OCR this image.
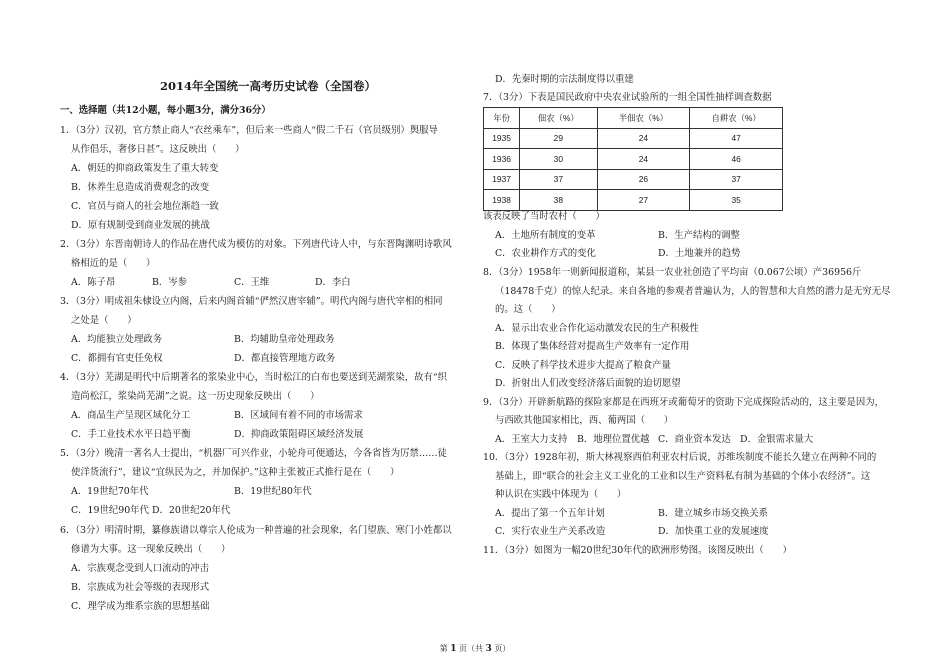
2014年全国统一高考历史试卷（全国卷）
一、选择题（共12小题，每小题3分，满分36分）
1．（3分）汉初，官方禁止商人“衣丝乘车”，但后来一些商人“假二千石（官员级别）舆服导
从作倡乐，奢侈日甚”。这反映出（　　）
A．朝廷的抑商政策发生了重大转变
B．休养生息造成消费观念的改变
C．官员与商人的社会地位渐趋一致
D．原有规制受到商业发展的挑战
2．（3分）东晋南朝诗人的作品在唐代成为模仿的对象。下列唐代诗人中，与东晋陶渊明诗歌风
格相近的是（　　）
A．陈子昂	B．岑参	C．王维	D．李白
3．（3分）明成祖朱棣设立内阁，后来内阁首辅“俨然汉唐宰辅”。明代内阁与唐代宰相的相同
之处是（　　）
A．均能独立处理政务	B．均辅助皇帝处理政务
C．都拥有官吏任免权	D．都直接管理地方政务
4．（3分）芜湖是明代中后期著名的浆染业中心，当时松江的白布也要送到芜湖浆染，故有“织
造尚松江，浆染尚芜湖”之说。这一历史现象反映出（　　）
A．商品生产呈现区域化分工	B．区域间有着不同的市场需求
C．手工业技术水平日趋平衡	D．抑商政策阻碍区域经济发展
5．（3分）晚清一著名人士提出，“机器厂可兴作业，小轮舟可便通达，今各省皆为厉禁……徒
使洋货流行”，建议“宜纵民为之，并加保护。”这种主张被正式推行是在（　　）
A．19世纪70年代	B．19世纪80年代
C．19世纪90年代 D．20世纪20年代
6．（3分）明清时期，纂修族谱以尊宗人伦成为一种普遍的社会现象，名门望族、寒门小姓都以
修谱为大事。这一现象反映出（　　）
A．宗族观念受到人口流动的冲击
B．宗族成为社会等级的表现形式
C．理学成为维系宗族的思想基础
D．先秦时期的宗法制度得以重建
7．（3分）下表是国民政府中央农业试验所的一组全国性抽样调查数据
年份	佃农（%）	半佃农（%）	自耕农（%）
1935	29	24	47
1936	30	24	46
1937	37	26	37
1938	38	27	35
该表反映了当时农村（　　）
A．土地所有制度的变革	B．生产结构的调整
C．农业耕作方式的变化	D．土地兼并的趋势
8．（3分）1958年一则新闻报道称，某县一农业社创造了平均亩（0.067公顷）产36956斤
（18478千克）的惊人纪录。来自各地的参观者普遍认为，人的智慧和大自然的潜力是无穷无尽
的。这（　　）
A．显示出农业合作化运动激发农民的生产积极性
B．体现了集体经营对提高生产效率有一定作用
C．反映了科学技术进步大提高了粮食产量
D．折射出人们改变经济落后面貌的迫切愿望
9．（3分）开辟新航路的探险家都是在西班牙或葡萄牙的资助下完成探险活动的，这主要是因为，
与西欧其他国家相比，西、葡两国（　　）
A．王室大力支持 B．地理位置优越 C．商业资本发达 D．金银需求量大
10．（3分）1928年初，斯大林视察西伯利亚农村后说，苏维埃制度不能长久建立在两种不同的
基础上，即“联合的社会主义工业化的工业和以生产资料私有制为基础的个体小农经济”。这
种认识在实践中体现为（　　）
A．提出了第一个五年计划	B．建立城乡市场交换关系
C．实行农业生产关系改造	D．加快重工业的发展速度
11．（3分）如图为一幅20世纪30年代的欧洲形势图。该图反映出（　　）
第 1 页（共 3 页）
